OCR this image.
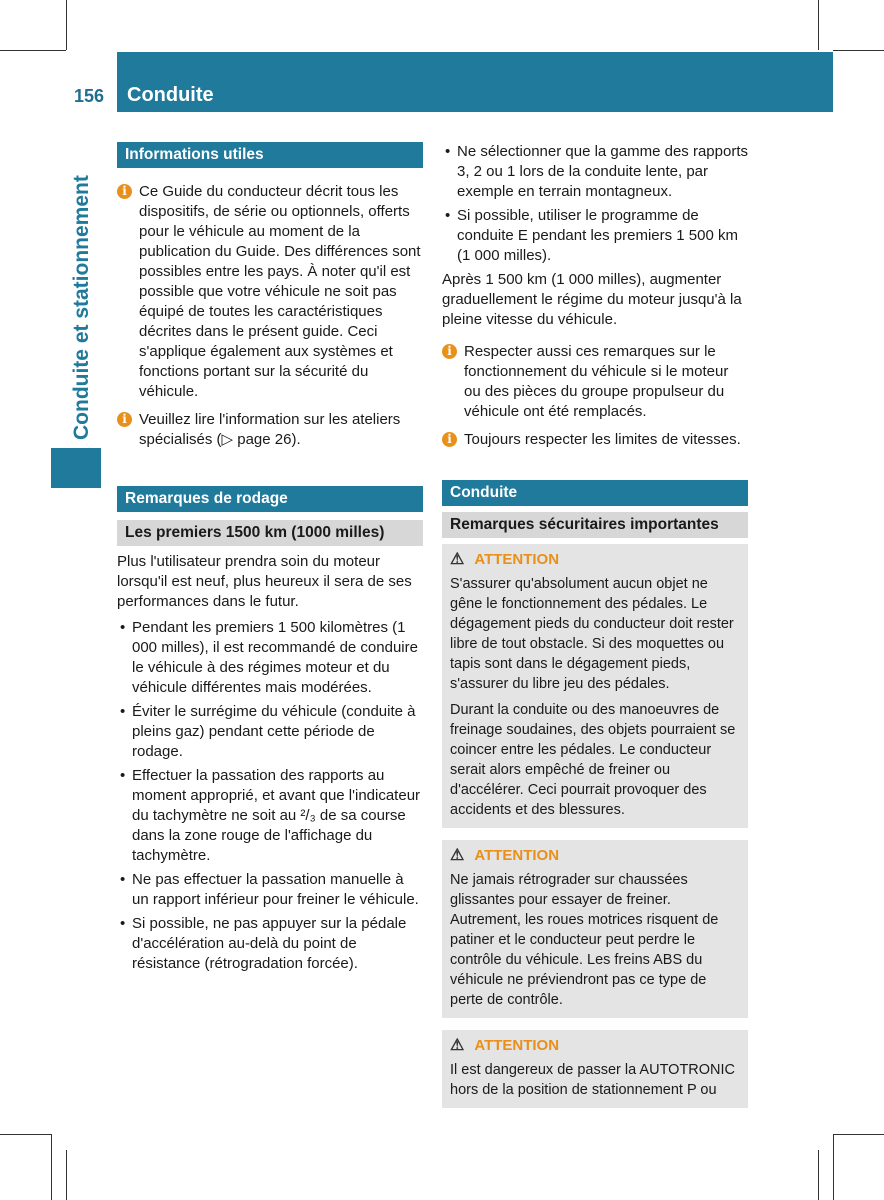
156 Conduite
Conduite et stationnement
Informations utiles
i Ce Guide du conducteur décrit tous les dispositifs, de série ou optionnels, offerts pour le véhicule au moment de la publication du Guide. Des différences sont possibles entre les pays. À noter qu'il est possible que votre véhicule ne soit pas équipé de toutes les caractéristiques décrites dans le présent guide. Ceci s'applique également aux systèmes et fonctions portant sur la sécurité du véhicule.
i Veuillez lire l'information sur les ateliers spécialisés (▷ page 26).
Remarques de rodage
Les premiers 1500 km (1000 milles)

Plus l'utilisateur prendra soin du moteur lorsqu'il est neuf, plus heureux il sera de ses performances dans le futur.

• Pendant les premiers 1 500 kilomètres (1 000 milles), il est recommandé de conduire le véhicule à des régimes moteur et du véhicule différentes mais modérées.
• Éviter le surrégime du véhicule (conduite à pleins gaz) pendant cette période de rodage.
• Effectuer la passation des rapports au moment approprié, et avant que l'indicateur du tachymètre ne soit au ²/₃ de sa course dans la zone rouge de l'affichage du tachymètre.
• Ne pas effectuer la passation manuelle à un rapport inférieur pour freiner le véhicule.
• Si possible, ne pas appuyer sur la pédale d'accélération au-delà du point de résistance (rétrogradation forcée).
• Ne sélectionner que la gamme des rapports 3, 2 ou 1 lors de la conduite lente, par exemple en terrain montagneux.
• Si possible, utiliser le programme de conduite E pendant les premiers 1 500 km (1 000 milles).

Après 1 500 km (1 000 milles), augmenter graduellement le régime du moteur jusqu'à la pleine vitesse du véhicule.

i Respecter aussi ces remarques sur le fonctionnement du véhicule si le moteur ou des pièces du groupe propulseur du véhicule ont été remplacés.
i Toujours respecter les limites de vitesses.
Conduite
Remarques sécuritaires importantes
⚠ ATTENTION

S'assurer qu'absolument aucun objet ne gêne le fonctionnement des pédales. Le dégagement pieds du conducteur doit rester libre de tout obstacle. Si des moquettes ou tapis sont dans le dégagement pieds, s'assurer du libre jeu des pédales.

Durant la conduite ou des manoeuvres de freinage soudaines, des objets pourraient se coincer entre les pédales. Le conducteur serait alors empêché de freiner ou d'accélérer. Ceci pourrait provoquer des accidents et des blessures.

⚠ ATTENTION

Ne jamais rétrograder sur chaussées glissantes pour essayer de freiner. Autrement, les roues motrices risquent de patiner et le conducteur peut perdre le contrôle du véhicule. Les freins ABS du véhicule ne préviendront pas ce type de perte de contrôle.

⚠ ATTENTION

Il est dangereux de passer la AUTOTRONIC hors de la position de stationnement P ou
